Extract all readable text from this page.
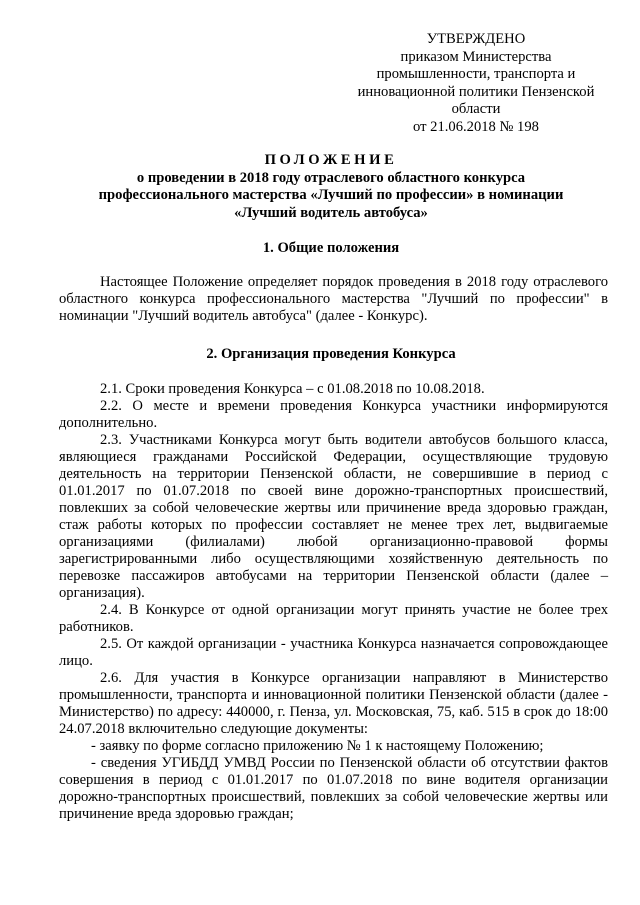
УТВЕРЖДЕНО
приказом Министерства
промышленности, транспорта и
инновационной политики Пензенской
области
от 21.06.2018 № 198
ПОЛОЖЕНИЕ
о проведении в 2018 году отраслевого областного конкурса
профессионального мастерства «Лучший по профессии» в номинации
«Лучший водитель автобуса»
1. Общие положения

Настоящее Положение определяет порядок проведения в 2018 году отраслевого областного конкурса профессионального мастерства "Лучший по профессии" в номинации "Лучший водитель автобуса" (далее - Конкурс).

2. Организация проведения Конкурса

2.1. Сроки проведения Конкурса – с 01.08.2018 по 10.08.2018.

2.2. О месте и времени проведения Конкурса участники информируются дополнительно.

2.3. Участниками Конкурса могут быть водители автобусов большого класса, являющиеся гражданами Российской Федерации, осуществляющие трудовую деятельность на территории Пензенской области, не совершившие в период с 01.01.2017 по 01.07.2018 по своей вине дорожно-транспортных происшествий, повлекших за собой человеческие жертвы или причинение вреда здоровью граждан, стаж работы которых по профессии составляет не менее трех лет, выдвигаемые организациями (филиалами) любой организационно-правовой формы зарегистрированными либо осуществляющими хозяйственную деятельность по перевозке пассажиров автобусами на территории Пензенской области (далее – организация).

2.4. В Конкурсе от одной организации могут принять участие не более трех работников.

2.5. От каждой организации - участника Конкурса назначается сопровождающее лицо.

2.6. Для участия в Конкурсе организации направляют в Министерство промышленности, транспорта и инновационной политики Пензенской области (далее - Министерство) по адресу: 440000, г. Пенза, ул. Московская, 75, каб. 515 в срок до 18:00 24.07.2018 включительно следующие документы:

- заявку по форме согласно приложению № 1 к настоящему Положению;

- сведения УГИБДД УМВД России по Пензенской области об отсутствии фактов совершения в период с 01.01.2017 по 01.07.2018 по вине водителя организации дорожно-транспортных происшествий, повлекших за собой человеческие жертвы или причинение вреда здоровью граждан;
